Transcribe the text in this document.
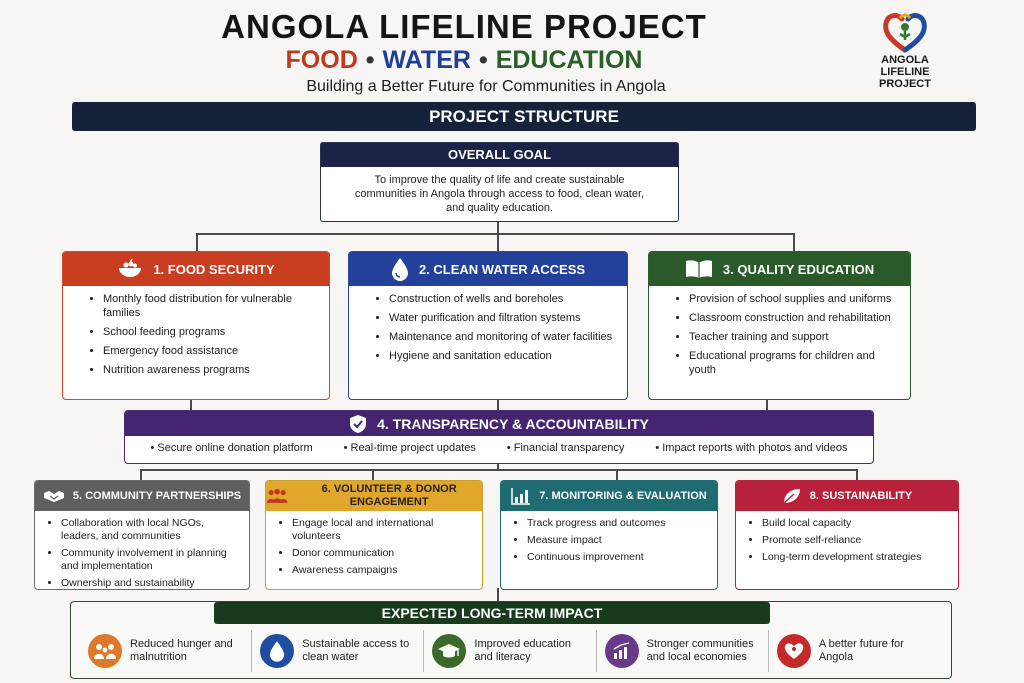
ANGOLA LIFELINE PROJECT
FOOD • WATER • EDUCATION
Building a Better Future for Communities in Angola
ANGOLA
LIFELINE
PROJECT
PROJECT STRUCTURE
OVERALL GOAL
To improve the quality of life and create sustainable communities in Angola through access to food, clean water, and quality education.
1. FOOD SECURITY
• Monthly food distribution for vulnerable families
• School feeding programs
• Emergency food assistance
• Nutrition awareness programs
2. CLEAN WATER ACCESS
• Construction of wells and boreholes
• Water purification and filtration systems
• Maintenance and monitoring of water facilities
• Hygiene and sanitation education
3. QUALITY EDUCATION
• Provision of school supplies and uniforms
• Classroom construction and rehabilitation
• Teacher training and support
• Educational programs for children and youth
4. TRANSPARENCY & ACCOUNTABILITY
• Secure online donation platform	• Real-time project updates	• Financial transparency	• Impact reports with photos and videos
5. COMMUNITY PARTNERSHIPS
• Collaboration with local NGOs, leaders, and communities
• Community involvement in planning and implementation
• Ownership and sustainability
6. VOLUNTEER & DONOR ENGAGEMENT
• Engage local and international volunteers
• Donor communication
• Awareness campaigns
7. MONITORING & EVALUATION
• Track progress and outcomes
• Measure impact
• Continuous improvement
8. SUSTAINABILITY
• Build local capacity
• Promote self-reliance
• Long-term development strategies
EXPECTED LONG-TERM IMPACT
Reduced hunger and malnutrition
Sustainable access to clean water
Improved education and literacy
Stronger communities and local economies
A better future for Angola
